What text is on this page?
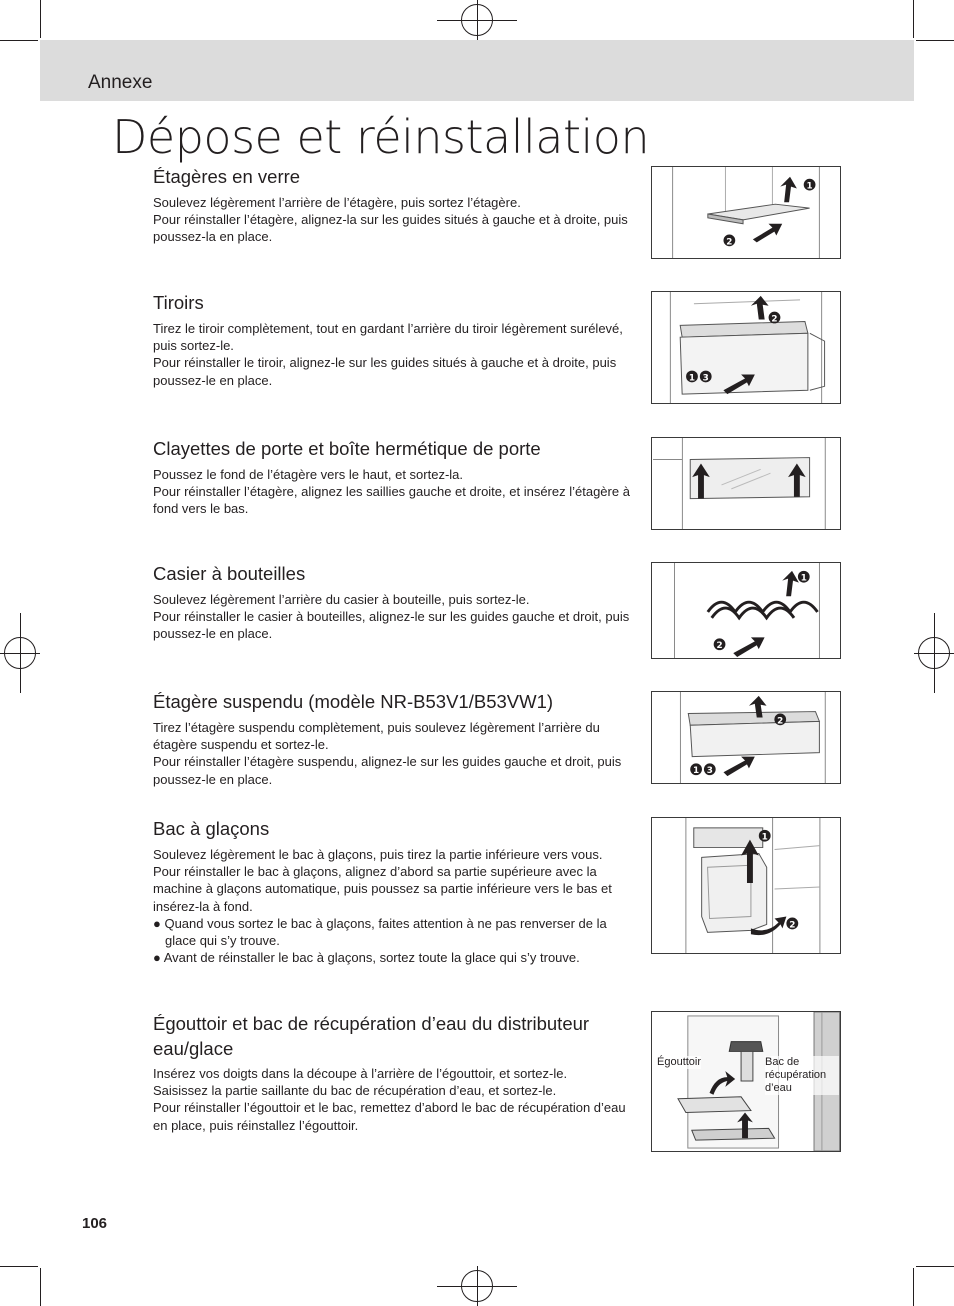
Annexe
Dépose et réinstallation
Étagères en verre

Soulevez légèrement l’arrière de l’étagère, puis sortez l’étagère.

Pour réinstaller l’étagère, alignez-la sur les guides situés à gauche et à droite, puis poussez-la en place.

1
2
Tiroirs

Tirez le tiroir complètement, tout en gardant l’arrière du tiroir légèrement surélevé, puis sortez-le.

Pour réinstaller le tiroir, alignez-le sur les guides situés à gauche et à droite, puis poussez-le en place.

2
1 3
Clayettes de porte et boîte hermétique de porte

Poussez le fond de l’étagère vers le haut, et sortez-la.

Pour réinstaller l’étagère, alignez les saillies gauche et droite, et insérez l’étagère à fond vers le bas.

Casier à bouteilles

Soulevez légèrement l’arrière du casier à bouteille, puis sortez-le.

Pour réinstaller le casier à bouteilles, alignez-le sur les guides gauche et droit, puis poussez-le en place.

1
2
Étagère suspendu (modèle NR-B53V1/B53VW1)

Tirez l’étagère suspendu complètement, puis soulevez légèrement l’arrière du étagère suspendu et sortez-le.

Pour réinstaller l’étagère suspendu, alignez-le sur les guides gauche et droit, puis poussez-le en place.

2
1 3
Bac à glaçons

Soulevez légèrement le bac à glaçons, puis tirez la partie inférieure vers vous.

Pour réinstaller le bac à glaçons, alignez d’abord sa partie supérieure avec la machine à glaçons automatique, puis poussez sa partie inférieure vers le bas et insérez-la à fond.

● Quand vous sortez le bac à glaçons, faites attention à ne pas renverser de la glace qui s’y trouve.

● Avant de réinstaller le bac à glaçons, sortez toute la glace qui s’y trouve.

1
2
Égouttoir et bac de récupération d’eau du distributeur eau/glace

Insérez vos doigts dans la découpe à l’arrière de l’égouttoir, et sortez-le.

Saisissez la partie saillante du bac de récupération d’eau, et sortez-le.

Pour réinstaller l’égouttoir et le bac, remettez d’abord le bac de récupération d’eau en place, puis réinstallez l’égouttoir.

Égouttoir	Bac de récupération d’eau
106
